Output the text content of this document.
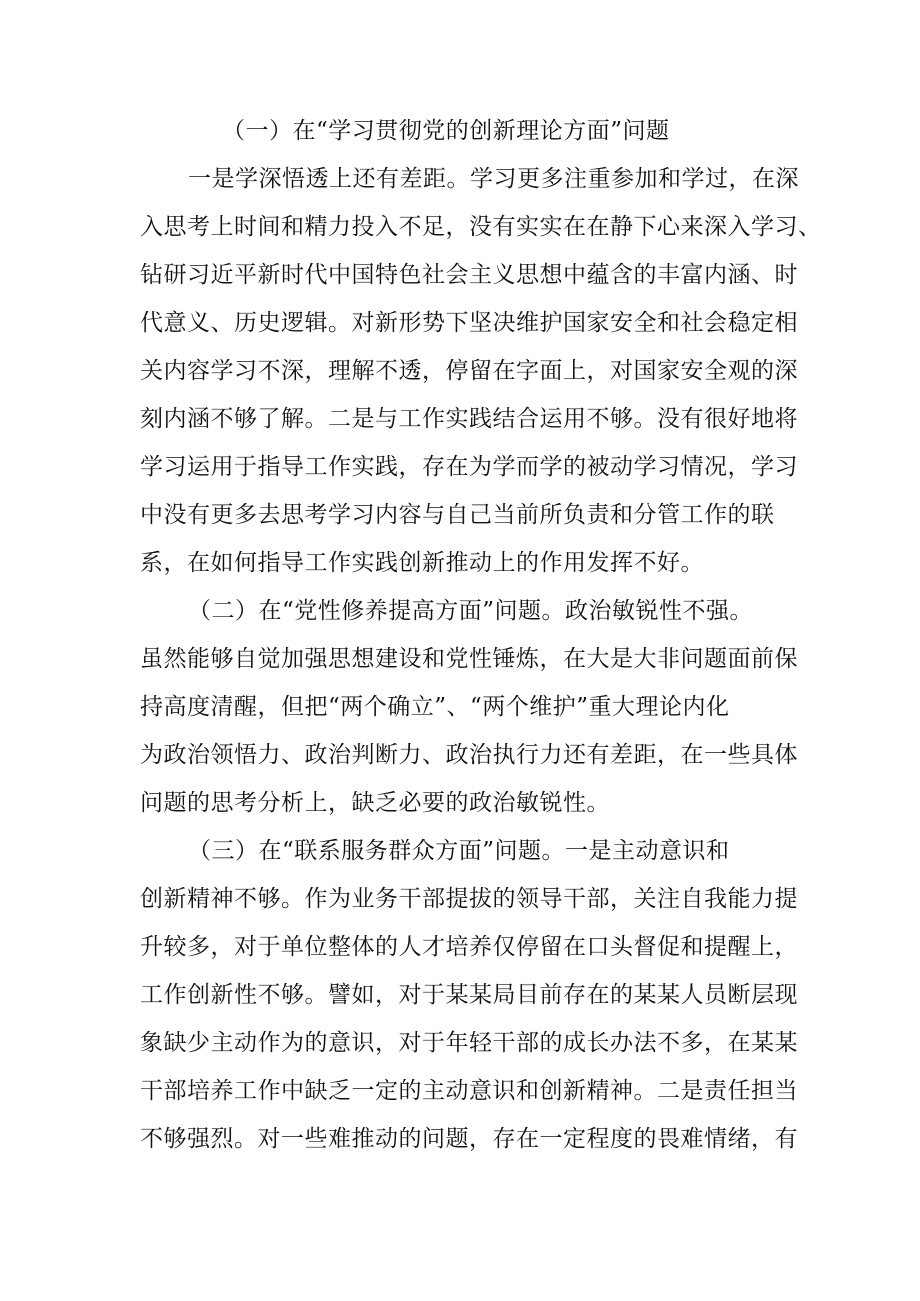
（一）在“学习贯彻党的创新理论方面”问题
一是学深悟透上还有差距。学习更多注重参加和学过，在深
入思考上时间和精力投入不足，没有实实在在静下心来深入学习、
钻研习近平新时代中国特色社会主义思想中蕴含的丰富内涵、时
代意义、历史逻辑。对新形势下坚决维护国家安全和社会稳定相
关内容学习不深，理解不透，停留在字面上，对国家安全观的深
刻内涵不够了解。二是与工作实践结合运用不够。没有很好地将
学习运用于指导工作实践，存在为学而学的被动学习情况，学习
中没有更多去思考学习内容与自己当前所负责和分管工作的联
系，在如何指导工作实践创新推动上的作用发挥不好。
（二）在“党性修养提高方面”问题。政治敏锐性不强。
虽然能够自觉加强思想建设和党性锤炼，在大是大非问题面前保
持高度清醒，但把“两个确立”、“两个维护”重大理论内化
为政治领悟力、政治判断力、政治执行力还有差距，在一些具体
问题的思考分析上，缺乏必要的政治敏锐性。
（三）在“联系服务群众方面”问题。一是主动意识和
创新精神不够。作为业务干部提拔的领导干部，关注自我能力提
升较多，对于单位整体的人才培养仅停留在口头督促和提醒上，
工作创新性不够。譬如，对于某某局目前存在的某某人员断层现
象缺少主动作为的意识，对于年轻干部的成长办法不多，在某某
干部培养工作中缺乏一定的主动意识和创新精神。二是责任担当
不够强烈。对一些难推动的问题，存在一定程度的畏难情绪，有
